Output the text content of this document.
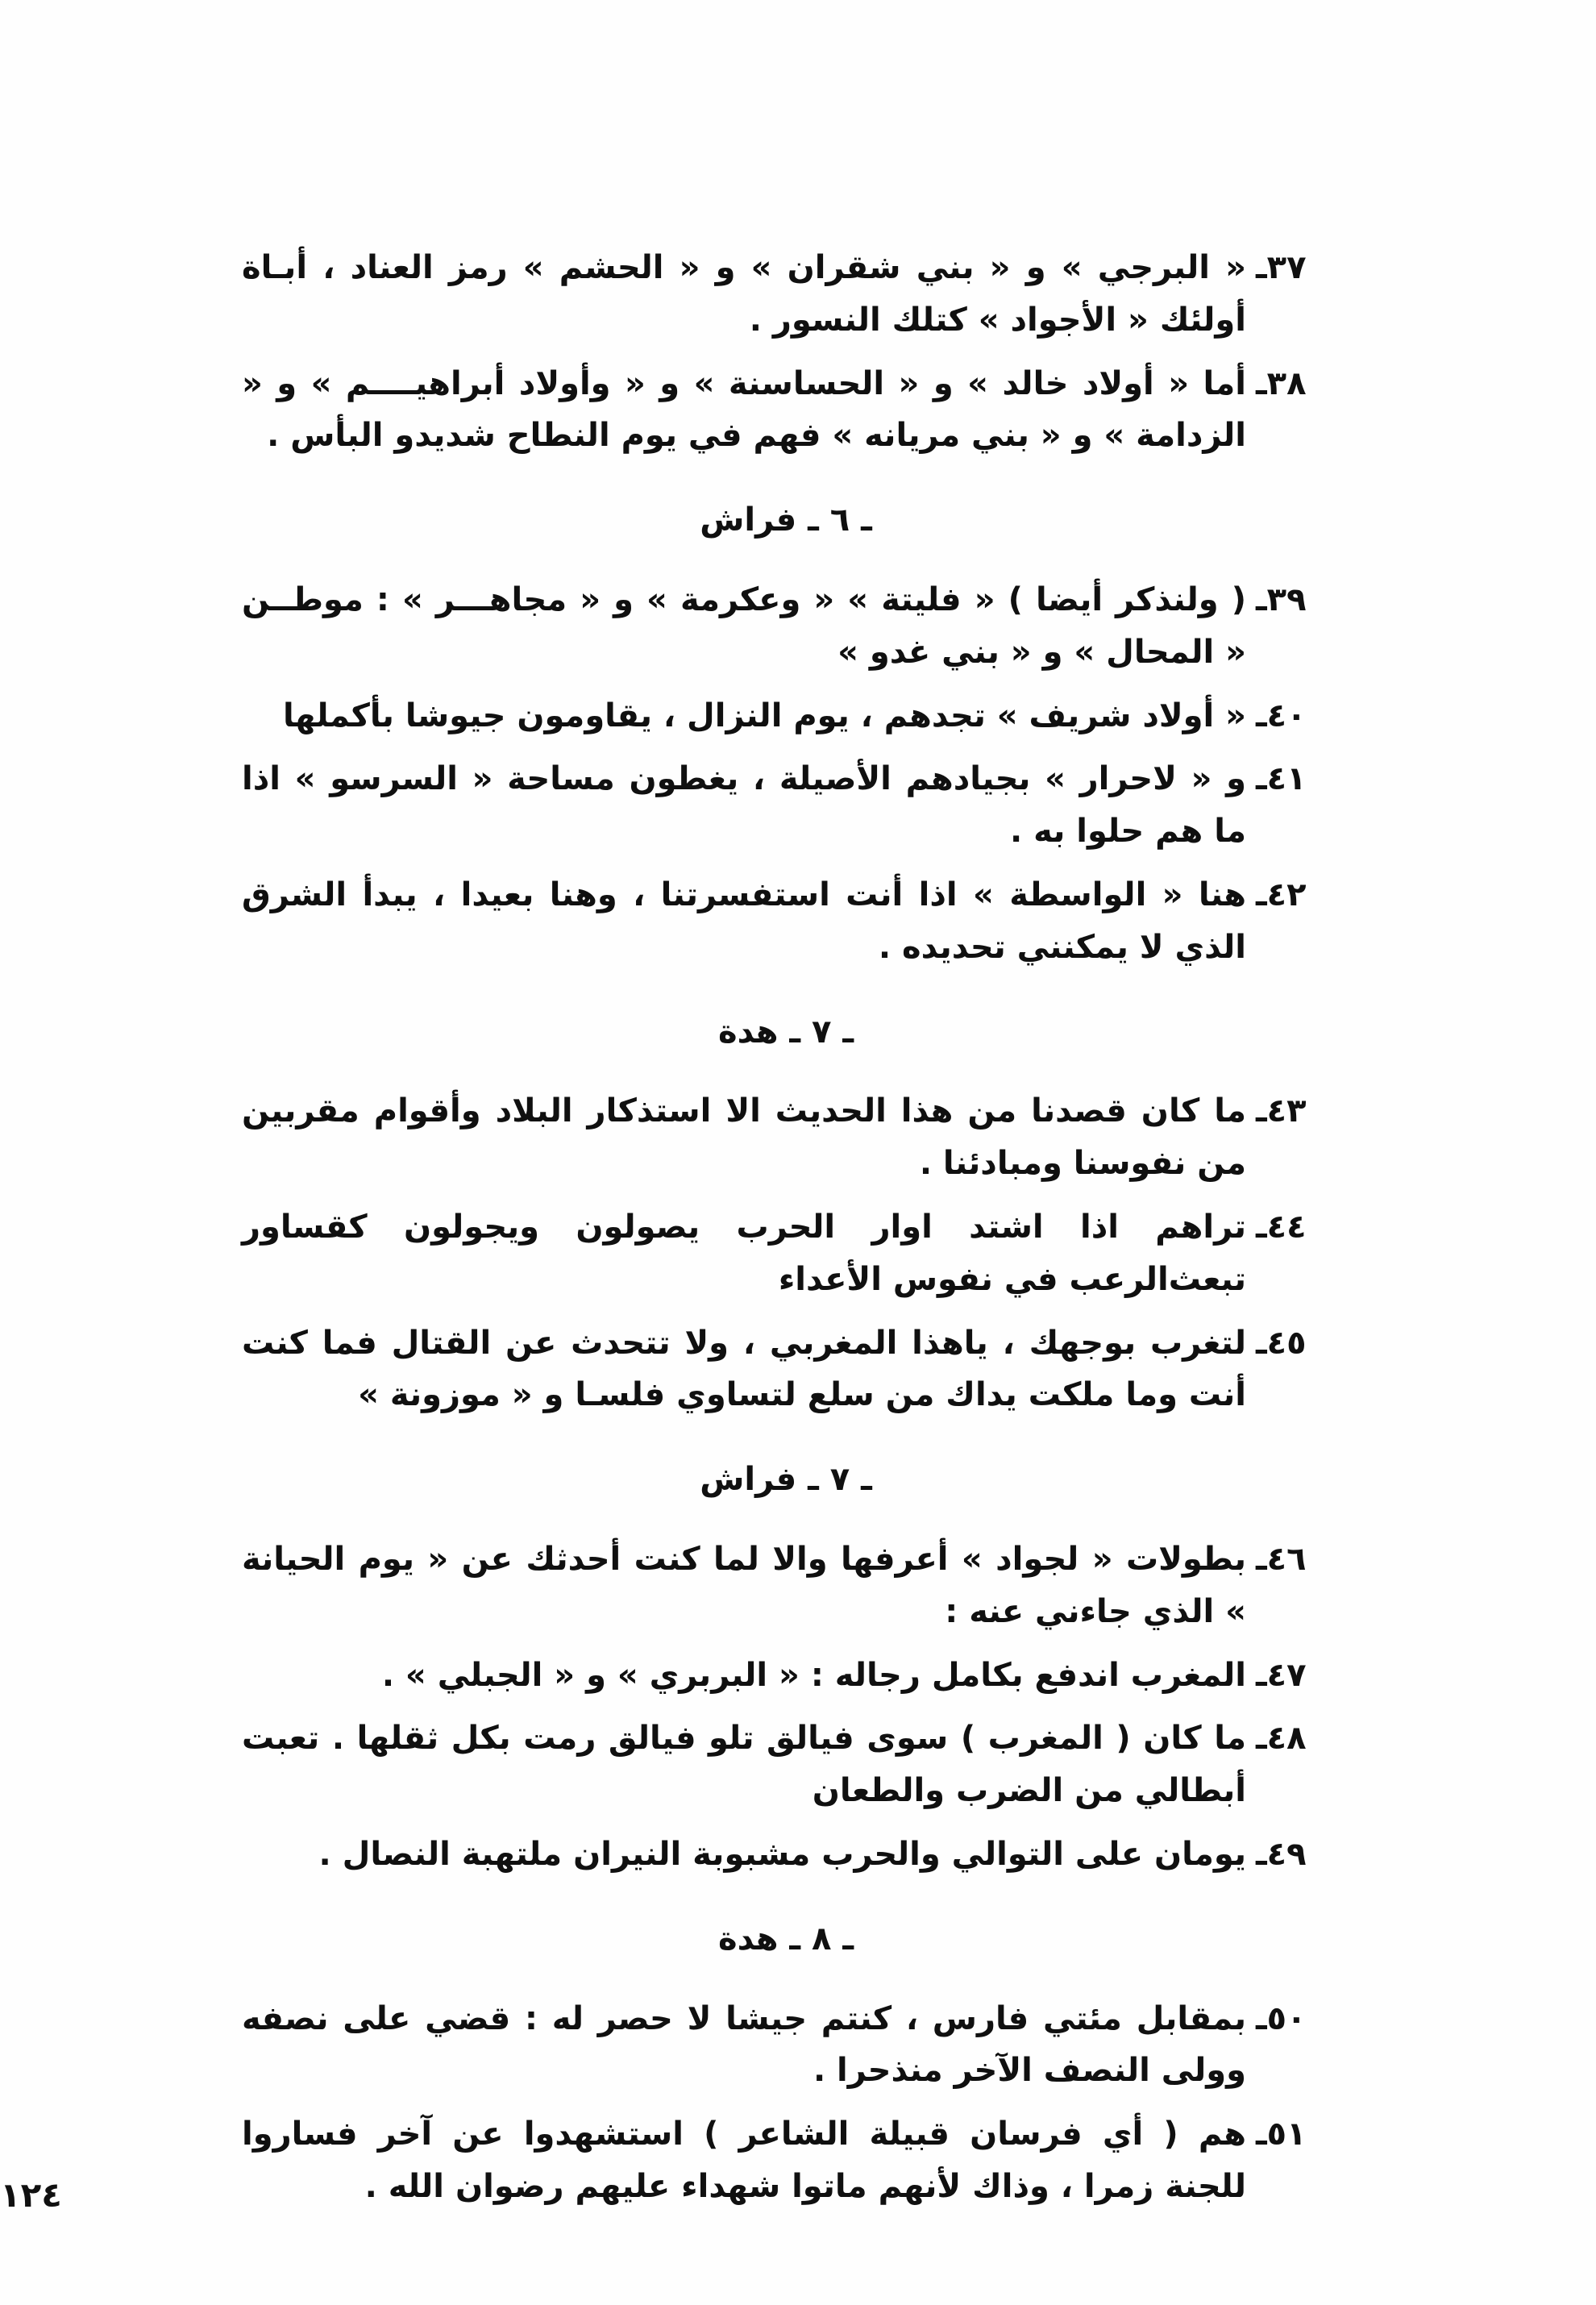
٣٧ـ
« البرجي » و « بني شقران » و « الحشم » رمز العناد ، أبـاة أولئك « الأجواد » كتلك النسور .
٣٨ـ
أما « أولاد خالد » و « الحساسنة » و « وأولاد أبراهيــــم » و « الزدامة » و « بني مريانه » فهم في يوم النطاح شديدو البأس .
ـ ٦ ـ فراش
٣٩ـ
( ولنذكر أيضا ) « فليتة » « وعكرمة » و « مجاهـــر » : موطــن « المحال » و « بني غدو »
٤٠ـ
« أولاد شريف » تجدهم ، يوم النزال ، يقاومون جيوشا بأكملها
٤١ـ
و « لاحرار » بجيادهم الأصيلة ، يغطون مساحة « السرسو » اذا ما هم حلوا به .
٤٢ـ
هنا « الواسطة » اذا أنت استفسرتنا ، وهنا بعيدا ، يبدأ الشرق الذي لا يمكنني تحديده .
ـ ٧ ـ هدة
٤٣ـ
ما كان قصدنا من هذا الحديث الا استذكار البلاد وأقوام مقربين من نفوسنا ومبادئنا .
٤٤ـ
تراهم اذا اشتد اوار الحرب يصولون ويجولون كقساور تبعث‌الرعب في نفوس الأعداء
٤٥ـ
لتغرب بوجهك ، ياهذا المغربي ، ولا تتحدث عن القتال فما كنت أنت وما ملكت يداك من سلع لتساوي فلسـا و « موزونة »
ـ ٧ ـ فراش
٤٦ـ
بطولات « لجواد » أعرفها والا لما كنت أحدثك عن « يوم الحيانة » الذي جاءني عنه :
٤٧ـ
المغرب اندفع بكامل رجاله : « البربري » و « الجبلي » .
٤٨ـ
ما كان ( المغرب ) سوى فيالق تلو فيالق رمت بكل ثقلها . تعبت أبطالي من الضرب والطعان
٤٩ـ
يومان على التوالي والحرب مشبوبة النيران ملتهبة النصال .
ـ ٨ ـ هدة
٥٠ـ
بمقابل مئتي فارس ، كنتم جيشا لا حصر له : قضي على نصفه وولى النصف الآخر منذحرا .
٥١ـ
هم ( أي فرسان قبيلة الشاعر ) استشهدوا عن آخر فساروا للجنة زمرا ، وذاك لأنهم ماتوا شهداء عليهم رضوان الله .
١٢٤
